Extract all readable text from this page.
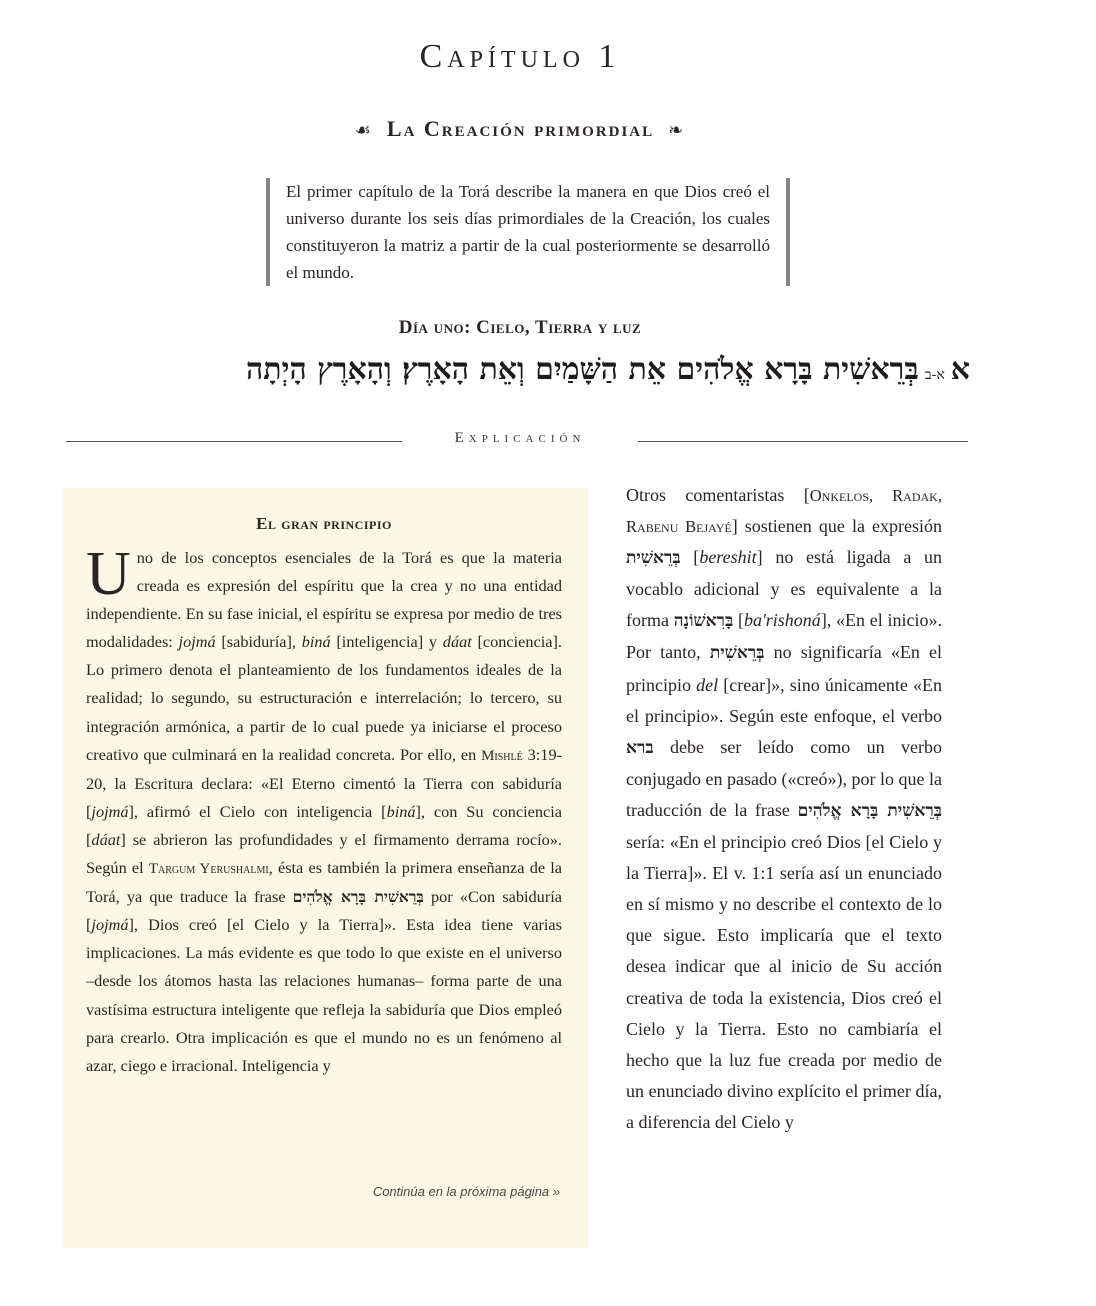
Capítulo 1
☙ La Creación primordial ❧
El primer capítulo de la Torá describe la manera en que Dios creó el universo durante los seis días primordiales de la Creación, los cuales constituyeron la matriz a partir de la cual posteriormente se desarrolló el mundo.
Día uno: Cielo, Tierra y luz
אא-בבְּרֵאשִׁית בָּרָא אֱלֹהִים אֵת הַשָּׁמַיִם וְאֵת הָאָרֶץ׃ וְהָאָרֶץ הָיְתָה
Explicación
El gran principio
Uno de los conceptos esenciales de la Torá es que la materia creada es expresión del espíritu que la crea y no una entidad independiente. En su fase inicial, el espíritu se expresa por medio de tres modalidades: jojmá [sabiduría], biná [inteligencia] y dáat [conciencia]. Lo primero denota el planteamiento de los fundamentos ideales de la realidad; lo segundo, su estructuración e interrelación; lo tercero, su integración armónica, a partir de lo cual puede ya iniciarse el proceso creativo que culminará en la realidad concreta. Por ello, en Mishlé 3:19-20, la Escritura declara: «El Eterno cimentó la Tierra con sabiduría [jojmá], afirmó el Cielo con inteligencia [biná], con Su conciencia [dáat] se abrieron las profundidades y el firmamento derrama rocío». Según el Targum Yerushalmi, ésta es también la primera enseñanza de la Torá, ya que traduce la frase בְּרֵאשִׁית בָּרָא אֱלֹהִים por «Con sabiduría [jojmá], Dios creó [el Cielo y la Tierra]». Esta idea tiene varias implicaciones. La más evidente es que todo lo que existe en el universo –desde los átomos hasta las relaciones humanas– forma parte de una vastísima estructura inteligente que refleja la sabiduría que Dios empleó para crearlo. Otra implicación es que el mundo no es un fenómeno al azar, ciego e irracional. Inteligencia y
Continúa en la próxima página »
Otros comentaristas [Onkelos, Radak, Rabenu Bejayé] sostienen que la expresión בְּרֵאשִׁית [bereshit] no está ligada a un vocablo adicional y es equivalente a la forma בָּרִאשׁוֹנָה [ba'rishoná], «En el inicio». Por tanto, בְּרֵאשִׁית no significaría «En el principio del [crear]», sino únicamente «En el principio». Según este enfoque, el verbo ברא debe ser leído como un verbo conjugado en pasado («creó»), por lo que la traducción de la frase בְּרֵאשִׁית בָּרָא אֱלֹהִים sería: «En el principio creó Dios [el Cielo y la Tierra]». El v. 1:1 sería así un enunciado en sí mismo y no describe el contexto de lo que sigue. Esto implicaría que el texto desea indicar que al inicio de Su acción creativa de toda la existencia, Dios creó el Cielo y la Tierra. Esto no cambiaría el hecho que la luz fue creada por medio de un enunciado divino explícito el primer día, a diferencia del Cielo y
